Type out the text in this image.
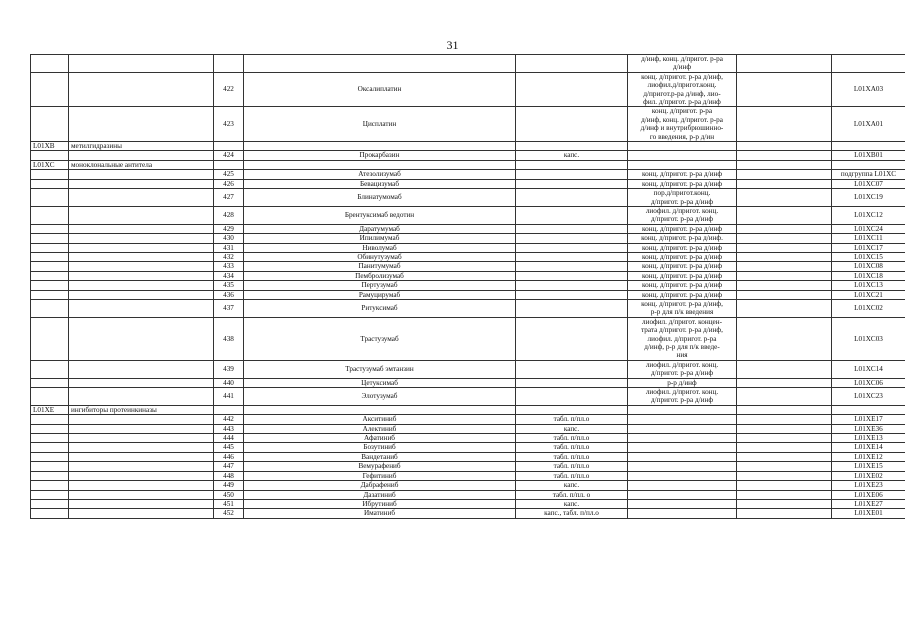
31
					д/инф, конц. д/пригот. р-ра
д/инф		
		422	Оксалиплатин		конц. д/пригот. р-ра д/инф,
лиофил.д/пригот.конц.
д/пригот.р-ра д/инф, лио-
фил. д/пригот. р-ра д/инф		L01XA03
		423	Цисплатин		конц. д/пригот. р-ра
д/инф, конц. д/пригот. р-ра
д/инф и внутрибрюшинно-
го введения, р-р д/ин		L01XA01
L01XB	метилгидразины						
		424	Прокарбазин	капс.			L01XB01
L01XC	моноклональные антитела						
		425	Атезолизумаб		конц. д/пригот. р-ра д/инф		подгруппа L01XC
		426	Бевацизумаб		конц. д/пригот. р-ра д/инф		L01XC07
		427	Блинатумомаб		пор.д/пригот.конц.
д/пригот. р-ра д/инф		L01XC19
		428	Брентуксимаб ведотин		лиофил. д/пригот. конц.
д/пригот. р-ра д/инф		L01XC12
		429	Даратумумаб		конц. д/пригот. р-ра д/инф		L01XC24
		430	Ипилимумаб		конц. д/пригот. р-ра д/инф.		L01XC11
		431	Ниволумаб		конц. д/пригот. р-ра д/инф		L01XC17
		432	Обинутузумаб		конц. д/пригот. р-ра д/инф		L01XC15
		433	Панитумумаб		конц. д/пригот. р-ра д/инф		L01XC08
		434	Пембролизумаб		конц. д/пригот. р-ра д/инф		L01XC18
		435	Пертузумаб		конц. д/пригот. р-ра д/инф		L01XC13
		436	Рамуцирумаб		конц. д/пригот. р-ра д/инф		L01XC21
		437	Ритуксимаб		конц. д/пригот. р-ра д/инф,
р-р для п/к введения		L01XC02
		438	Трастузумаб		лиофил. д/пригот. концен-
трата д/пригот. р-ра д/инф,
лиофил. д/пригот. р-ра
д/инф, р-р для п/к введе-
ния		L01XC03
		439	Трастузумаб эмтанзин		лиофил. д/пригот. конц.
д/пригот. р-ра д/инф		L01XC14
		440	Цетуксимаб		р-р д/инф		L01XC06
		441	Элотузумаб		лиофил. д/пригот. конц.
д/пригот. р-ра д/инф		L01XC23
L01XE	ингибиторы протеинкиназы						
		442	Акситиниб	табл. п/пл.о			L01XE17
		443	Алектиниб	капс.			L01XE36
		444	Афатиниб	табл. п/пл.о			L01XE13
		445	Бозутиниб	табл. п/пл.о			L01XE14
		446	Вандетаниб	табл. п/пл.о			L01XE12
		447	Вемурафениб	табл. п/пл.о			L01XE15
		448	Гефитиниб	табл. п/пл.о			L01XE02
		449	Дабрафениб	капс.			L01XE23
		450	Дазатиниб	табл. п/пл. о			L01XE06
		451	Ибрутиниб	капс.			L01XE27
		452	Иматиниб	капс., табл. п/пл.о			L01XE01
